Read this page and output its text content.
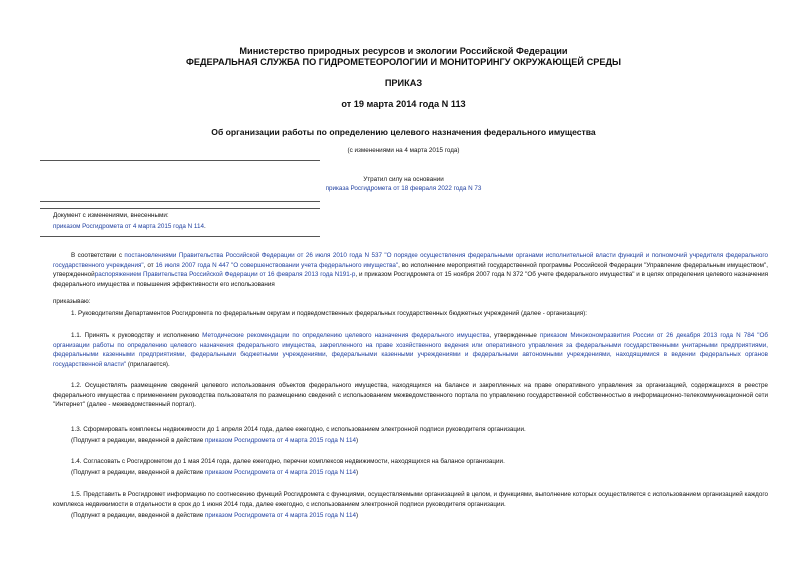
Министерство природных ресурсов и экологии Российской Федерации
ФЕДЕРАЛЬНАЯ СЛУЖБА ПО ГИДРОМЕТЕОРОЛОГИИ И МОНИТОРИНГУ ОКРУЖАЮЩЕЙ СРЕДЫ
ПРИКАЗ
от 19 марта 2014 года N 113
Об организации работы по определению целевого назначения федерального имущества
(с изменениями на 4 марта 2015 года)
Утратил силу на основании
приказа Росгидромета от 18 февраля 2022 года N 73
Документ с изменениями, внесенными:
приказом Росгидромета от 4 марта 2015 года N 114.
В соответствии с постановлениями Правительства Российской Федерации от 26 июля 2010 года N 537 "О порядке осуществления федеральными органами исполнительной власти функций и полномочий учредителя федерального государственного учреждения", от 16 июля 2007 года N 447 "О совершенствовании учета федерального имущества", во исполнение мероприятий государственной программы Российской Федерации "Управление федеральным имуществом", утвержденнойраспоряжением Правительства Российской Федерации от 16 февраля 2013 года N191-р, и приказом Росгидромета от 15 ноября 2007 года N 372 "Об учете федерального имущества" и в целях определения целевого назначения федерального имущества и повышения эффективности его использования
приказываю:
1. Руководителям Департаментов Росгидромета по федеральным округам и подведомственных федеральных государственных бюджетных учреждений (далее - организация):
1.1. Принять к руководству и исполнению Методические рекомендации по определению целевого назначения федерального имущества, утвержденные приказом Минэкономразвития России от 26 декабря 2013 года N 784 "Об организации работы по определению целевого назначения федерального имущества, закрепленного на праве хозяйственного ведения или оперативного управления за федеральными государственными унитарными предприятиями, федеральными казенными предприятиями, федеральными бюджетными учреждениями, федеральными казенными учреждениями и федеральными автономными учреждениями, находящимися в ведении федеральных органов государственной власти" (прилагается).
1.2. Осуществлять размещение сведений целевого использования объектов федерального имущества, находящихся на балансе и закрепленных на праве оперативного управления за организацией, содержащихся в реестре федерального имущества с применением руководства пользователя по размещению сведений с использованием межведомственного портала по управлению государственной собственностью в информационно-телекоммуникационной сети "Интернет" (далее - межведомственный портал).
1.3. Сформировать комплексы недвижимости до 1 апреля 2014 года, далее ежегодно, с использованием электронной подписи руководителя организации.
(Подпункт в редакции, введенной в действие приказом Росгидромета от 4 марта 2015 года N 114)
1.4. Согласовать с Росгидрометом до 1 мая 2014 года, далее ежегодно, перечни комплексов недвижимости, находящихся на балансе организации.
(Подпункт в редакции, введенной в действие приказом Росгидромета от 4 марта 2015 года N 114)
1.5. Представить в Росгидромет информацию по соотнесению функций Росгидромета с функциями, осуществляемыми организацией в целом, и функциями, выполнение которых осуществляется с использованием организацией каждого комплекса недвижимости в отдельности в срок до 1 июня 2014 года, далее ежегодно, с использованием электронной подписи руководителя организации.
(Подпункт в редакции, введенной в действие приказом Росгидромета от 4 марта 2015 года N 114)
